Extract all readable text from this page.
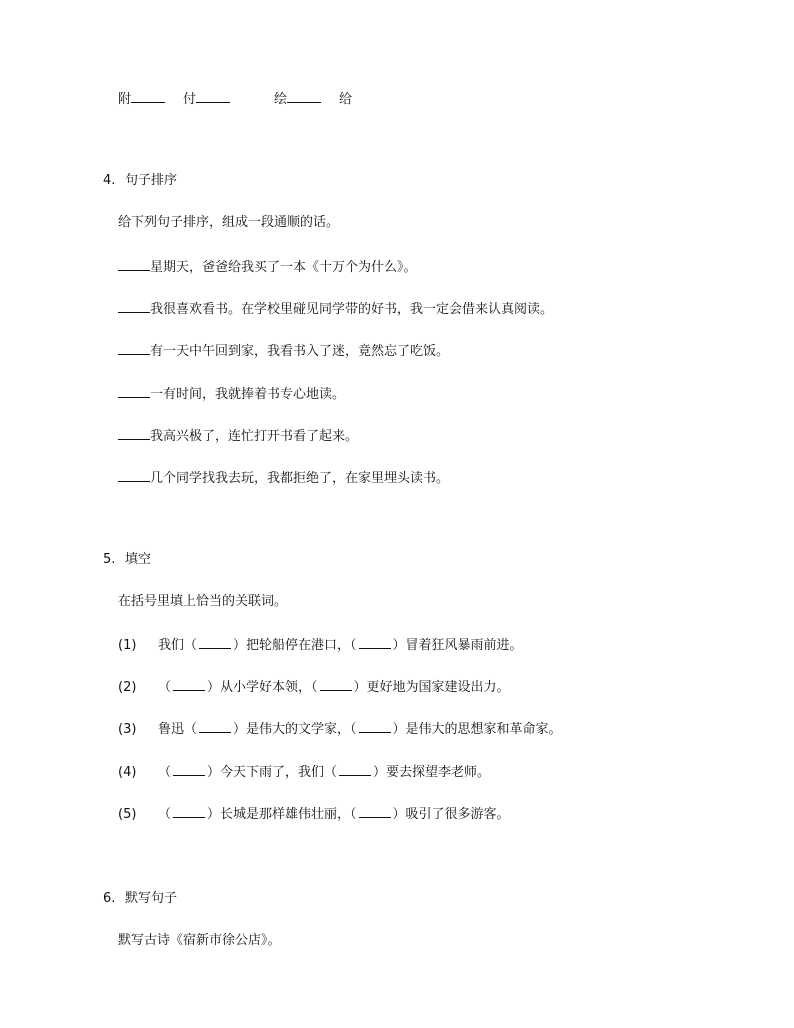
附	付	绘	给
4. 句子排序
给下列句子排序，组成一段通顺的话。
星期天，爸爸给我买了一本《十万个为什么》。
我很喜欢看书。在学校里碰见同学带的好书，我一定会借来认真阅读。
有一天中午回到家，我看书入了迷，竟然忘了吃饭。
一有时间，我就捧着书专心地读。
我高兴极了，连忙打开书看了起来。
几个同学找我去玩，我都拒绝了，在家里埋头读书。
5. 填空
在括号里填上恰当的关联词。
(1) 我们（	）把轮船停在港口，（	）冒着狂风暴雨前进。
(2) （	）从小学好本领，（	）更好地为国家建设出力。
(3) 鲁迅（	）是伟大的文学家，（	）是伟大的思想家和革命家。
(4) （	）今天下雨了，我们（	）要去探望李老师。
(5) （	）长城是那样雄伟壮丽，（	）吸引了很多游客。
6. 默写句子
默写古诗《宿新市徐公店》。
